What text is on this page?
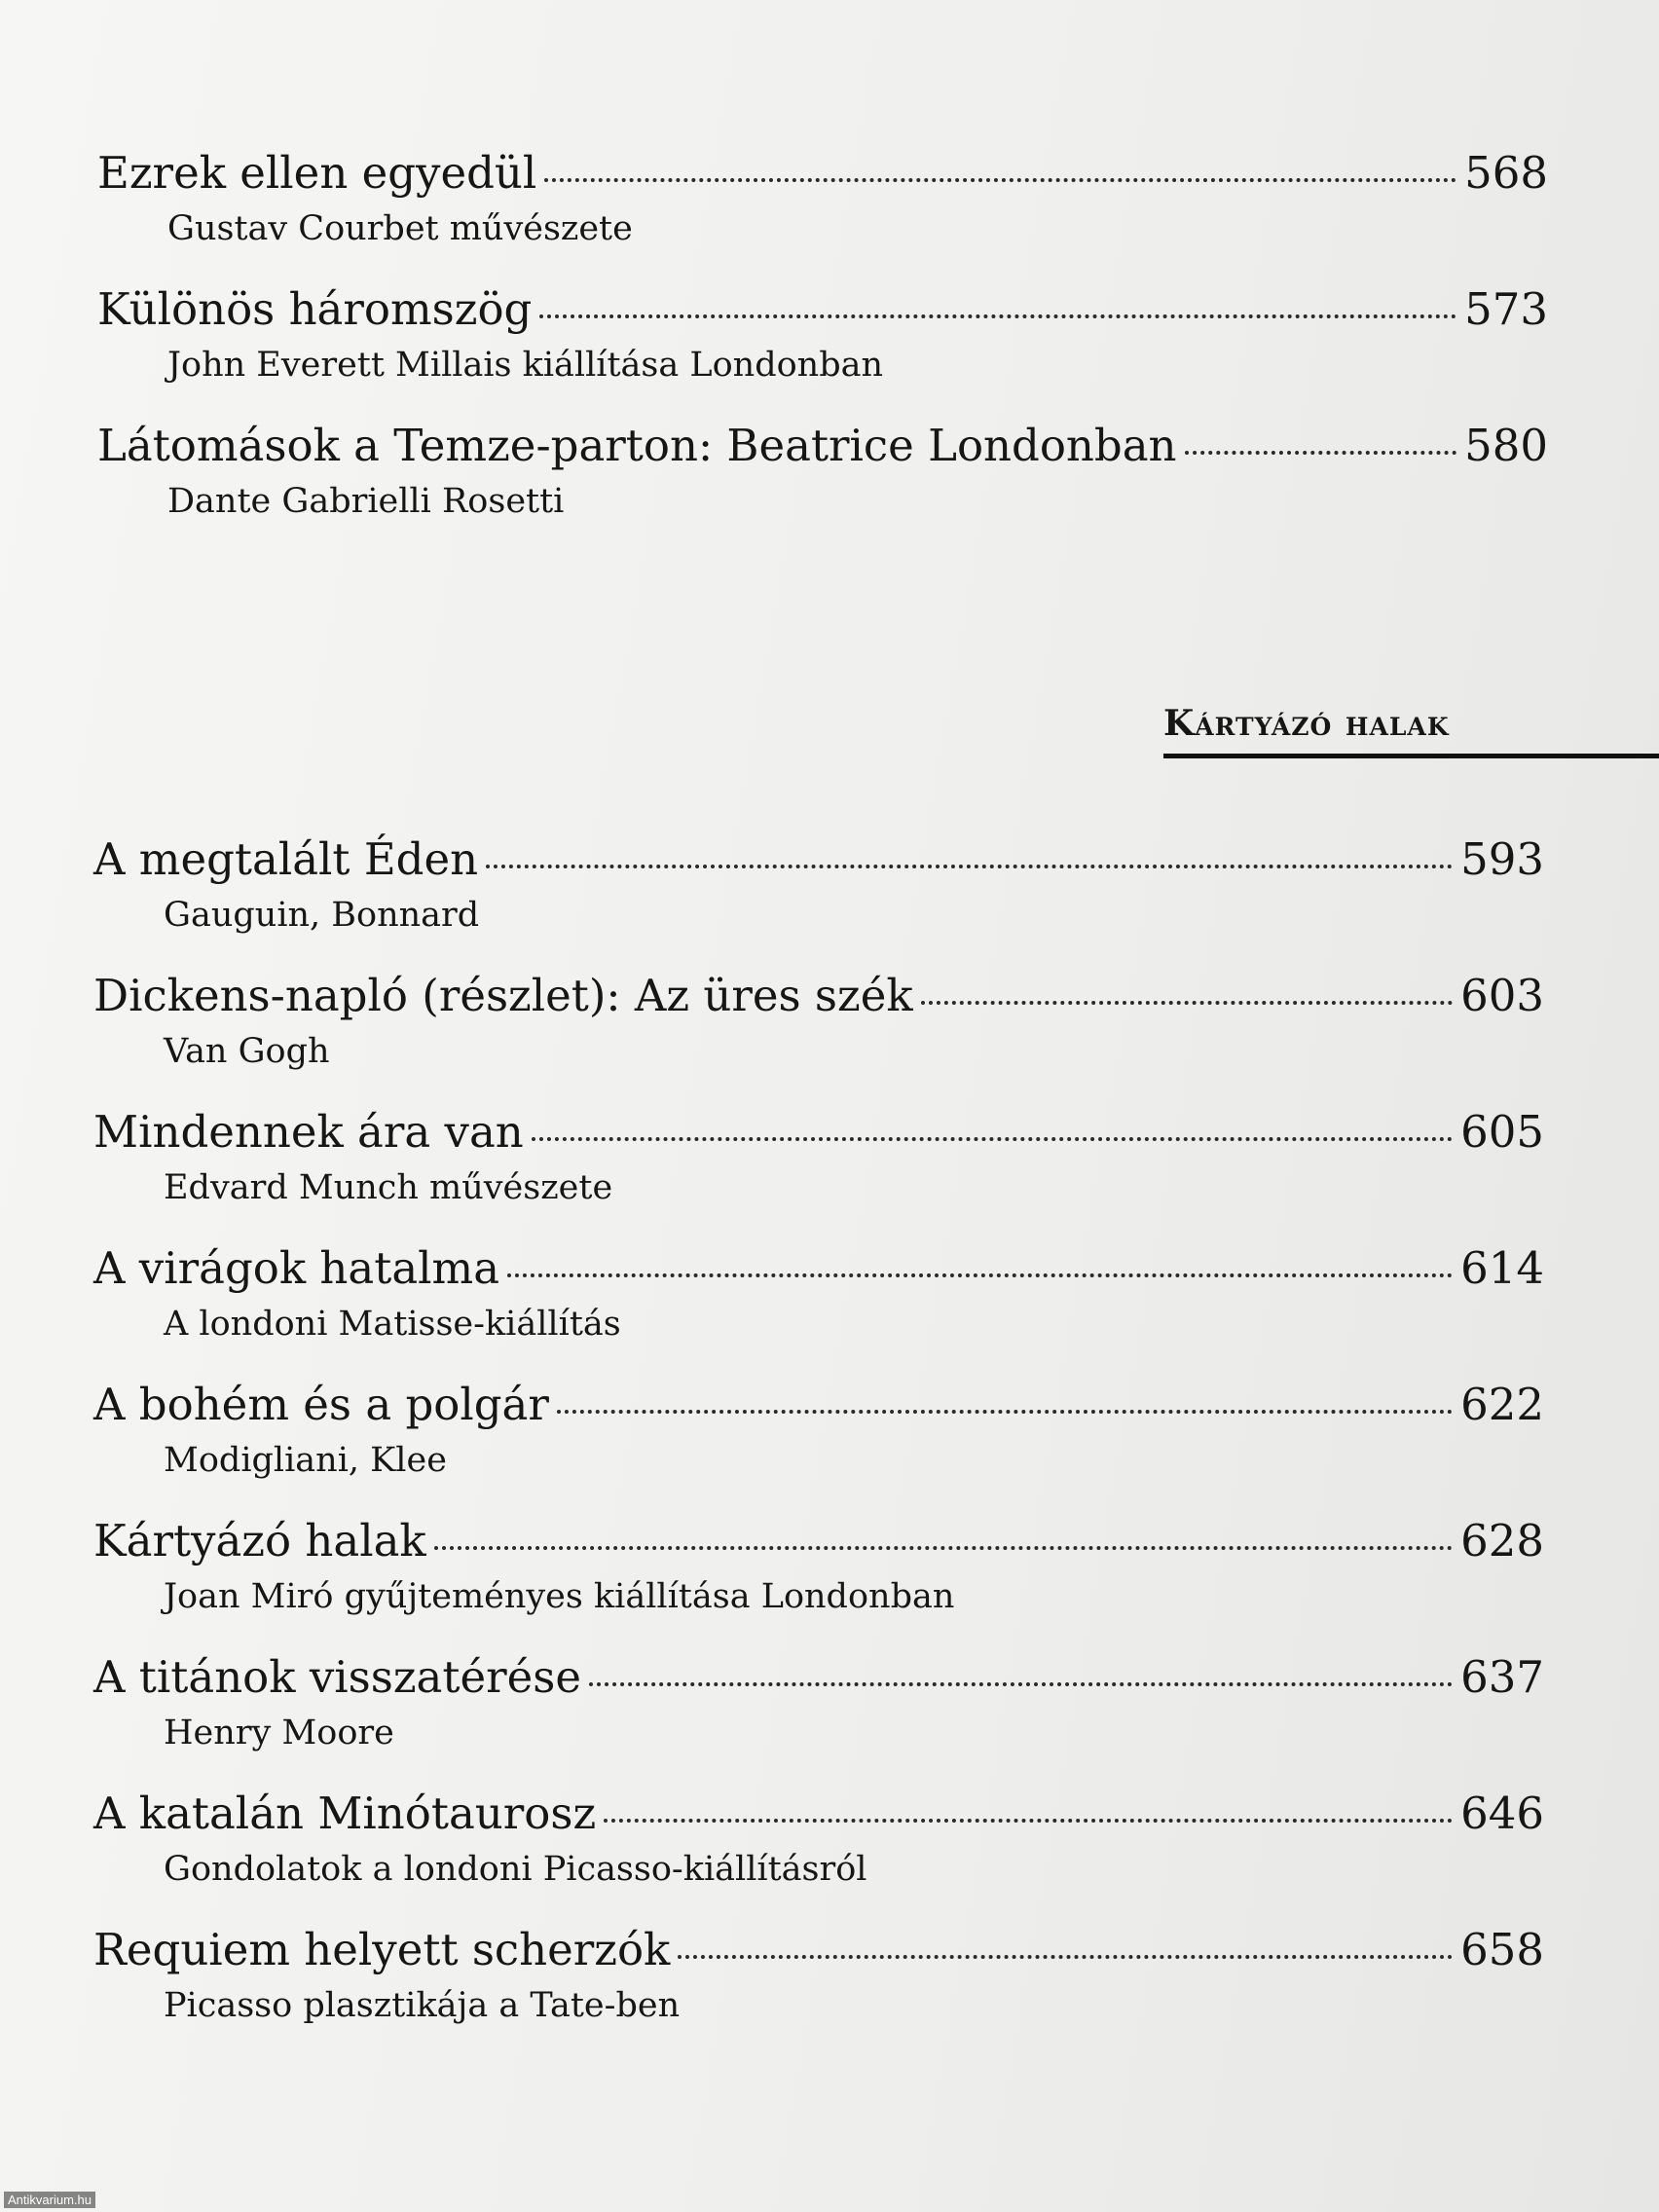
Ezrek ellen egyedül	568
Gustav Courbet művészete
Különös háromszög	573
John Everett Millais kiállítása Londonban
Látomások a Temze-parton: Beatrice Londonban	580
Dante Gabrielli Rosetti
Kártyázó halak
A megtalált Éden	593
Gauguin, Bonnard
Dickens-napló (részlet): Az üres szék	603
Van Gogh
Mindennek ára van	605
Edvard Munch művészete
A virágok hatalma	614
A londoni Matisse-kiállítás
A bohém és a polgár	622
Modigliani, Klee
Kártyázó halak	628
Joan Miró gyűjteményes kiállítása Londonban
A titánok visszatérése	637
Henry Moore
A katalán Minótaurosz	646
Gondolatok a londoni Picasso-kiállításról
Requiem helyett scherzók	658
Picasso plasztikája a Tate-ben
Antikvarium.hu
